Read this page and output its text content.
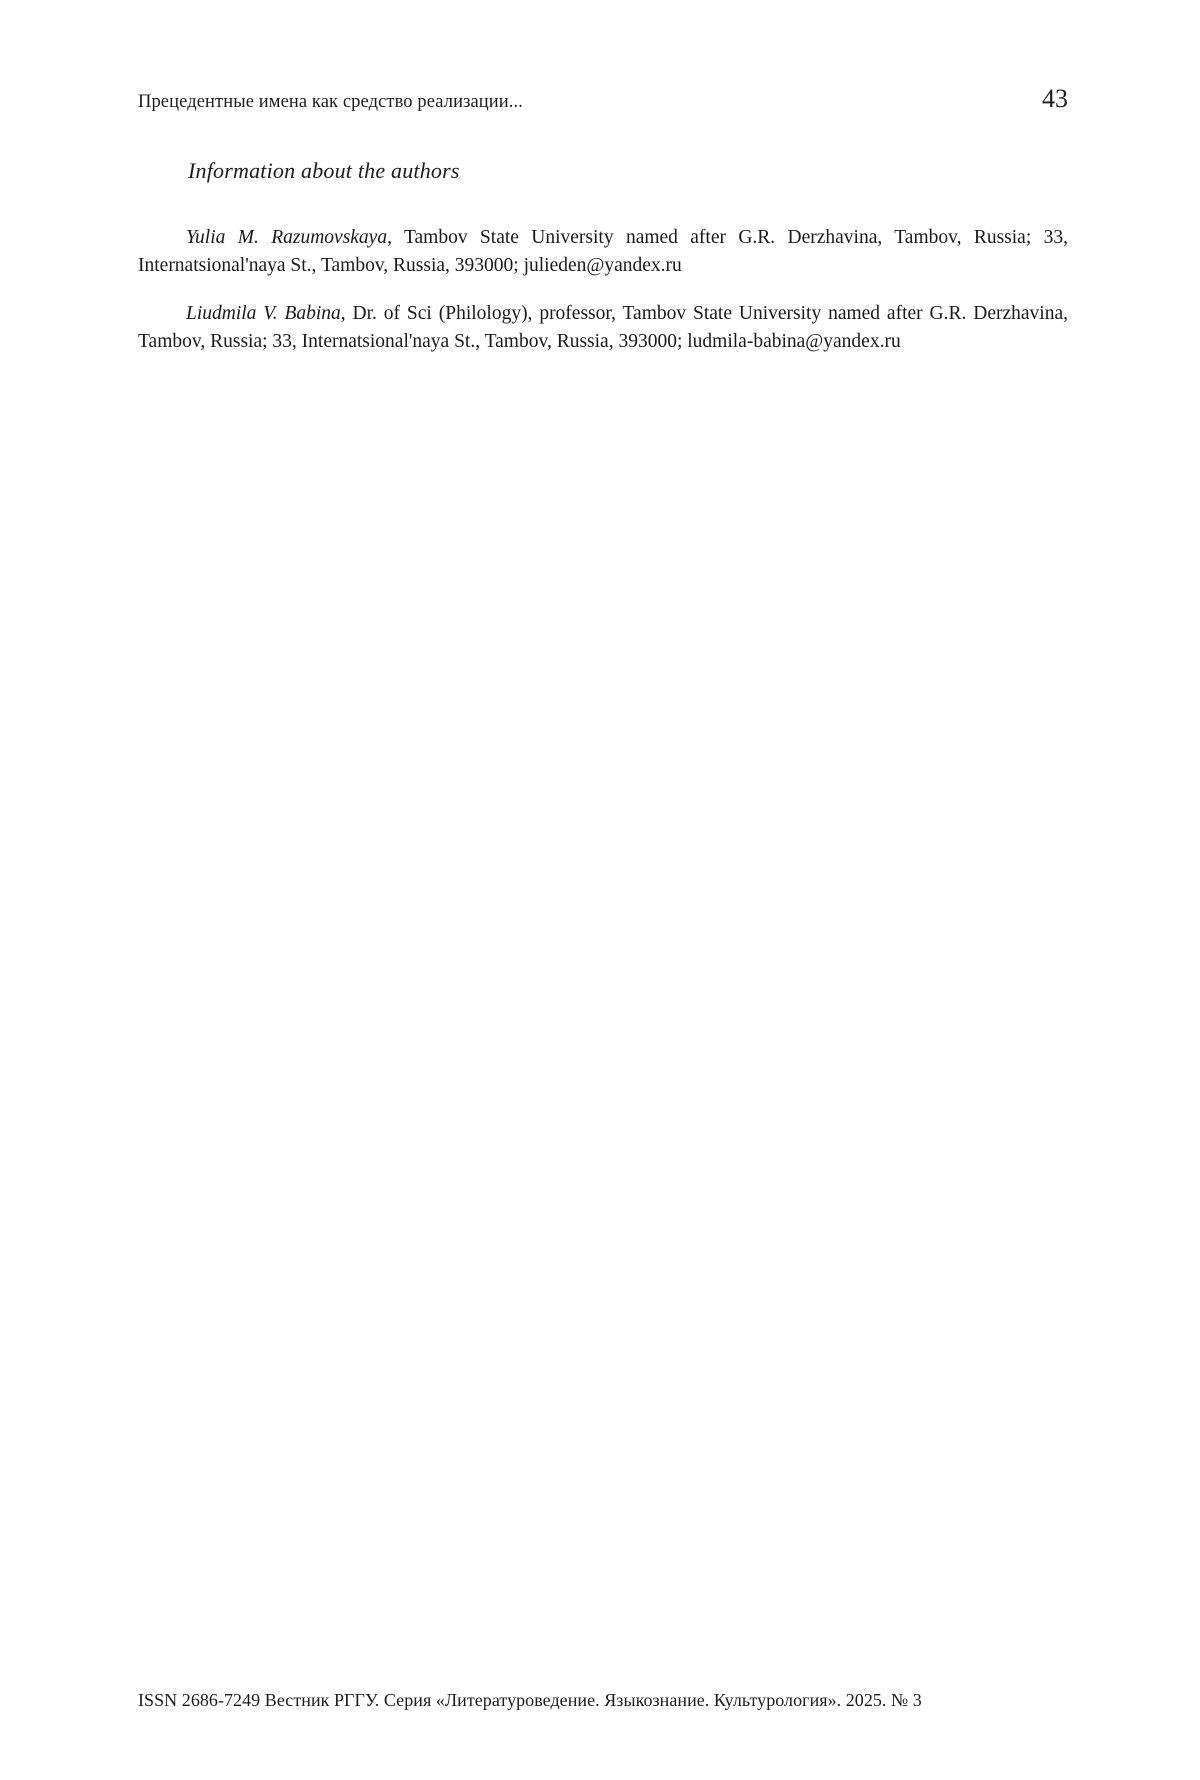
Прецедентные имена как средство реализации...	43
Information about the authors

Yulia M. Razumovskaya, Tambov State University named after G.R. Derzhavina, Tambov, Russia; 33, Internatsional'naya St., Tambov, Russia, 393000; julieden@yandex.ru

Liudmila V. Babina, Dr. of Sci (Philology), professor, Tambov State University named after G.R. Derzhavina, Tambov, Russia; 33, Internatsional'naya St., Tambov, Russia, 393000; ludmila-babina@yandex.ru

ISSN 2686-7249 Вестник РГГУ. Серия «Литературоведение. Языкознание. Культурология». 2025. № 3
